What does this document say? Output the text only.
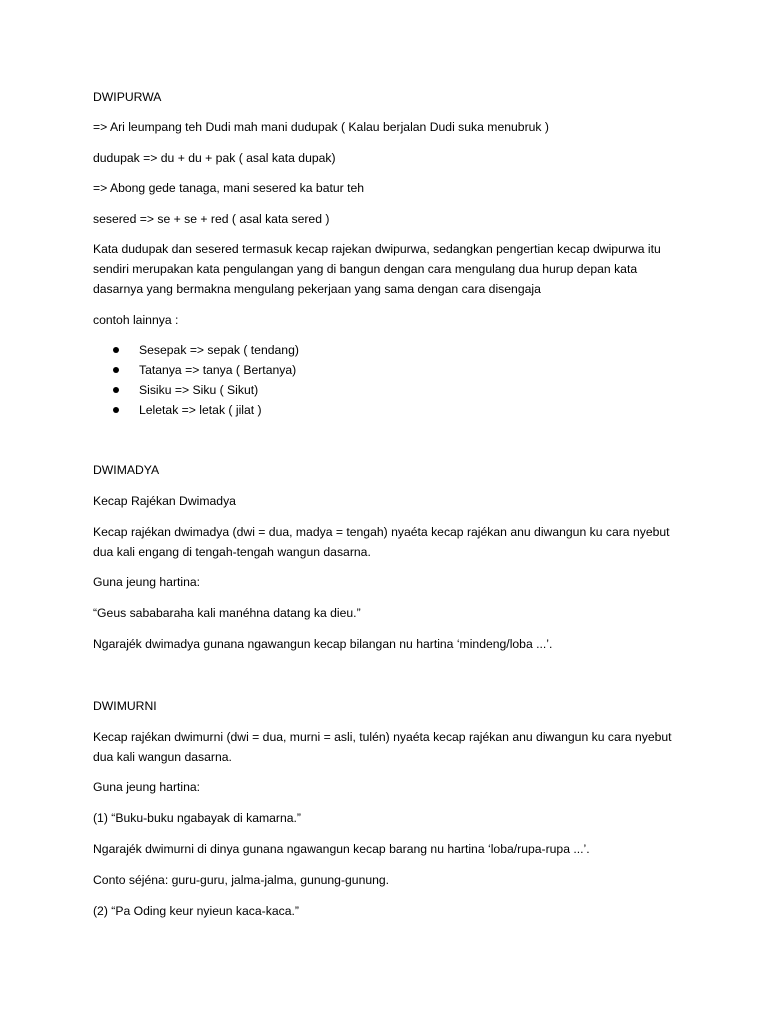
DWIPURWA
=> Ari leumpang teh Dudi mah mani dudupak ( Kalau berjalan Dudi suka menubruk )
dudupak => du + du + pak ( asal kata dupak)
=> Abong gede tanaga, mani sesered ka batur teh
sesered => se + se + red ( asal kata sered )
Kata dudupak dan sesered termasuk kecap rajekan dwipurwa, sedangkan pengertian kecap dwipurwa itu sendiri merupakan kata pengulangan yang di bangun dengan cara mengulang dua hurup depan kata dasarnya yang bermakna mengulang pekerjaan yang sama dengan cara disengaja
contoh lainnya :
Sesepak => sepak ( tendang)
Tatanya => tanya ( Bertanya)
Sisiku => Siku ( Sikut)
Leletak => letak ( jilat )
DWIMADYA
Kecap Rajékan Dwimadya
Kecap rajékan dwimadya (dwi = dua, madya = tengah) nyaéta kecap rajékan anu diwangun ku cara nyebut dua kali engang di tengah-tengah wangun dasarna.
Guna jeung hartina:
“Geus sababaraha kali manéhna datang ka dieu.”
Ngarajék dwimadya gunana ngawangun kecap bilangan nu hartina ‘mindeng/loba ...’.
DWIMURNI
Kecap rajékan dwimurni (dwi = dua, murni = asli, tulén) nyaéta kecap rajékan anu diwangun ku cara nyebut dua kali wangun dasarna.
Guna jeung hartina:
(1) “Buku-buku ngabayak di kamarna.”
Ngarajék dwimurni di dinya gunana ngawangun kecap barang nu hartina ‘loba/rupa-rupa ...’.
Conto séjéna: guru-guru, jalma-jalma, gunung-gunung.
(2) “Pa Oding keur nyieun kaca-kaca.”
